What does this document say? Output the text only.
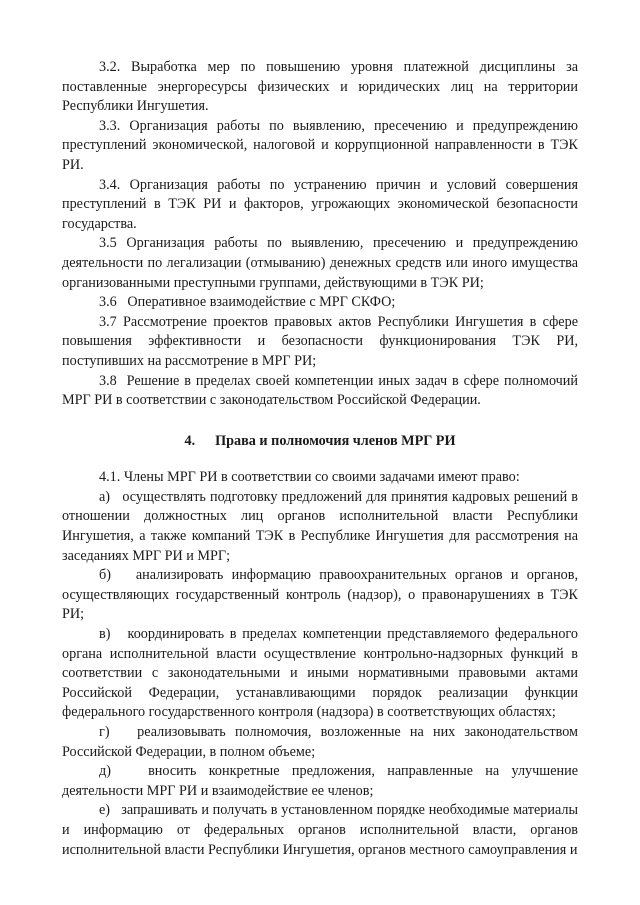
3.2. Выработка мер по повышению уровня платежной дисциплины за поставленные энергоресурсы физических и юридических лиц на территории Республики Ингушетия.

3.3. Организация работы по выявлению, пресечению и предупреждению преступлений экономической, налоговой и коррупционной направленности в ТЭК РИ.

3.4. Организация работы по устранению причин и условий совершения преступлений в ТЭК РИ и факторов, угрожающих экономической безопасности государства.

3.5 Организация работы по выявлению, пресечению и предупреждению деятельности по легализации (отмыванию) денежных средств или иного имущества организованными преступными группами, действующими в ТЭК РИ;

3.6   Оперативное взаимодействие с МРГ СКФО;

3.7 Рассмотрение проектов правовых актов Республики Ингушетия в сфере повышения эффективности и безопасности функционирования ТЭК РИ, поступивших на рассмотрение в МРГ РИ;

3.8  Решение в пределах своей компетенции иных задач в сфере полномочий МРГ РИ в соответствии с законодательством Российской Федерации.

4. Права и полномочия членов МРГ РИ

4.1. Члены МРГ РИ в соответствии со своими задачами имеют право:

а)   осуществлять подготовку предложений для принятия кадровых решений в отношении должностных лиц органов исполнительной власти Республики Ингушетия, а также компаний ТЭК в Республике Ингушетия для рассмотрения на заседаниях МРГ РИ и МРГ;

б)   анализировать информацию правоохранительных органов и органов, осуществляющих государственный контроль (надзор), о правонарушениях в ТЭК РИ;

в)   координировать в пределах компетенции представляемого федерального органа исполнительной власти осуществление контрольно-надзорных функций в соответствии с законодательными и иными нормативными правовыми актами Российской Федерации, устанавливающими порядок реализации функции федерального государственного контроля (надзора) в соответствующих областях;

г)   реализовывать полномочия, возложенные на них законодательством Российской Федерации, в полном объеме;

д)   вносить конкретные предложения, направленные на улучшение деятельности МРГ РИ и взаимодействие ее членов;

е)   запрашивать и получать в установленном порядке необходимые материалы и информацию от федеральных органов исполнительной власти, органов исполнительной власти Республики Ингушетия, органов местного самоуправления и
